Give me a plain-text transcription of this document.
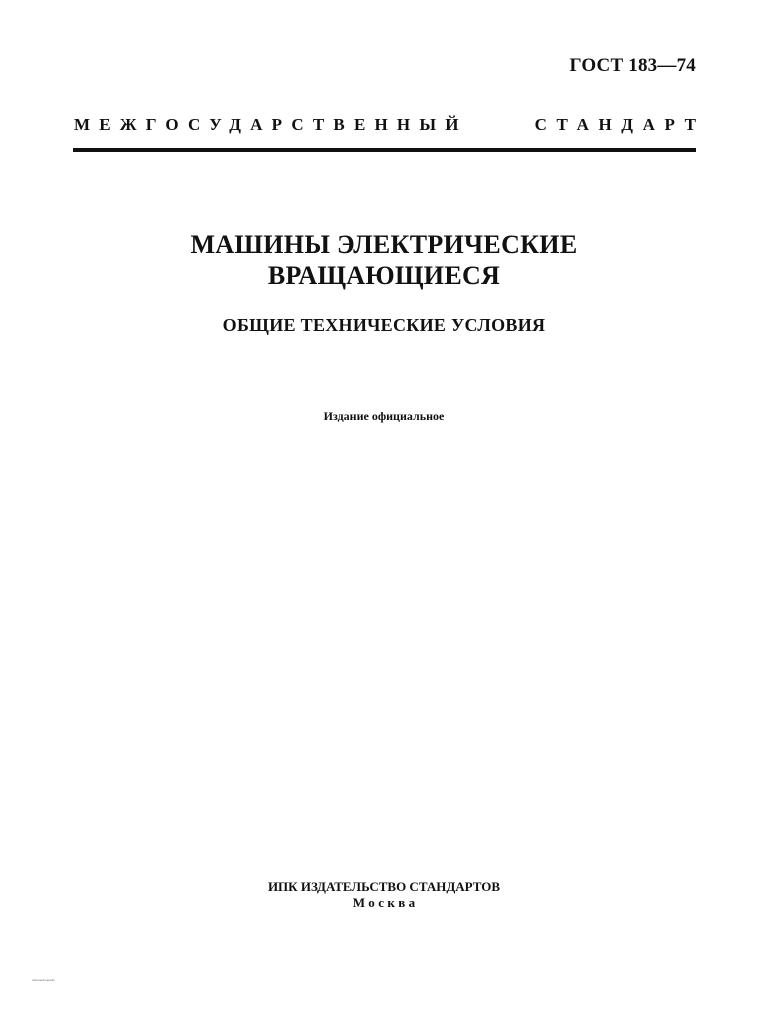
ГОСТ 183—74
МЕЖГОСУДАРСТВЕННЫЙ	СТАНДАРТ
МАШИНЫ ЭЛЕКТРИЧЕСКИЕ
ВРАЩАЮЩИЕСЯ
ОБЩИЕ ТЕХНИЧЕСКИЕ УСЛОВИЯ
Издание официальное
ИПК ИЗДАТЕЛЬСТВО СТАНДАРТОВ
Москва
газетный шрифт
